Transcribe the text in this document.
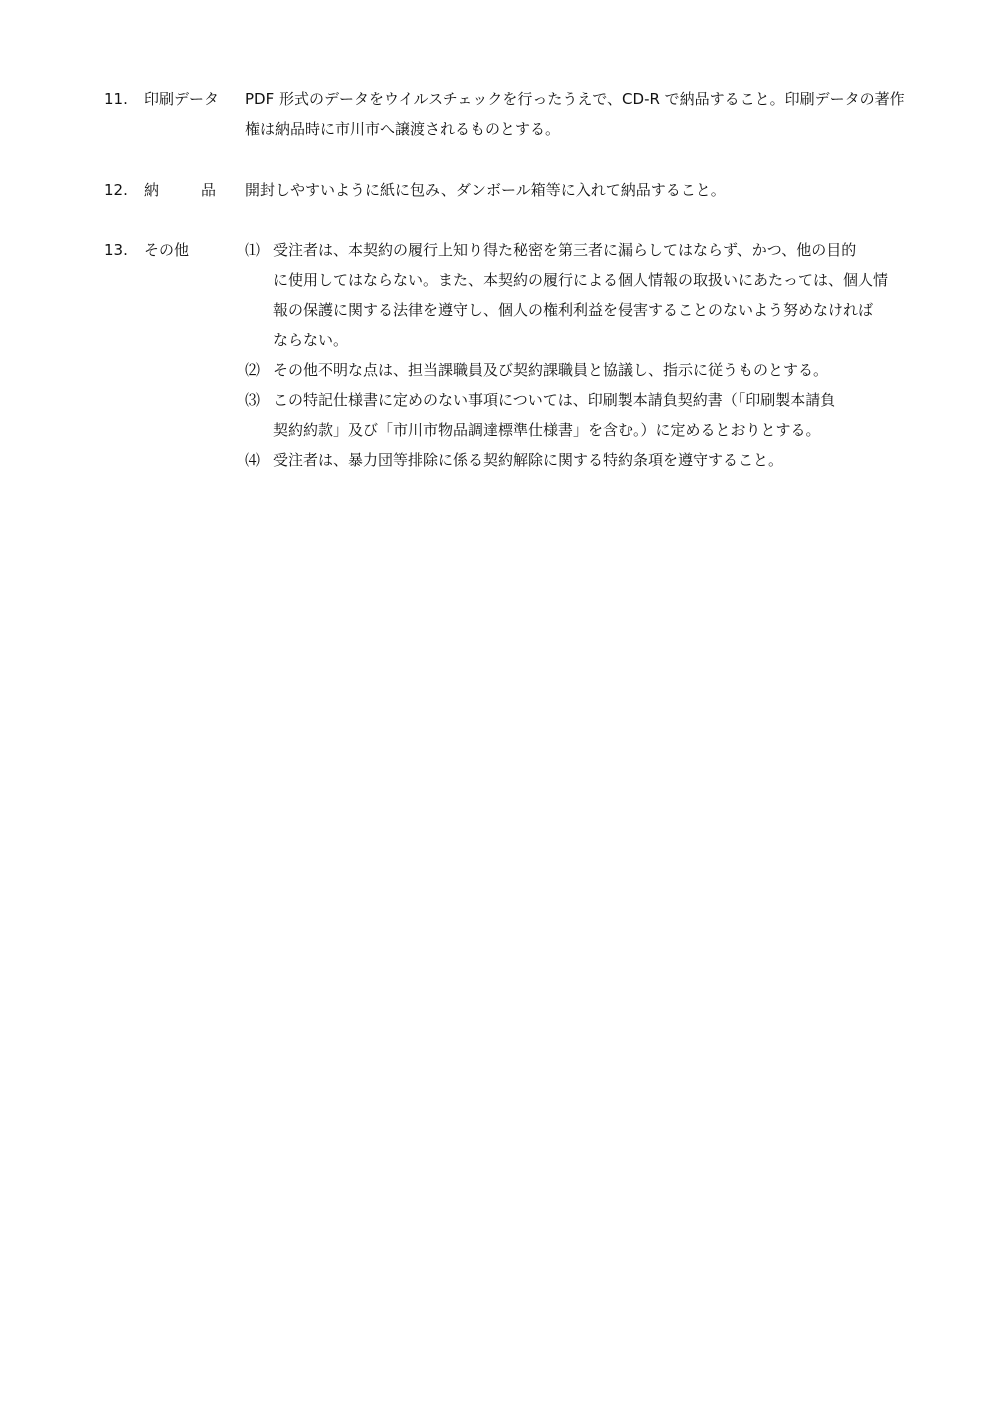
11. 印刷データ PDF 形式のデータをウイルスチェックを行ったうえで、CD-R で納品すること。印刷データの著作
権は納品時に市川市へ譲渡されるものとする。
12. 納	品 開封しやすいように紙に包み、ダンボール箱等に入れて納品すること。
13. その他	⑴ 受注者は、本契約の履行上知り得た秘密を第三者に漏らしてはならず、かつ、他の目的
に使用してはならない。また、本契約の履行による個人情報の取扱いにあたっては、個人情
報の保護に関する法律を遵守し、個人の権利利益を侵害することのないよう努めなければ
ならない。
⑵ その他不明な点は、担当課職員及び契約課職員と協議し、指示に従うものとする。
⑶ この特記仕様書に定めのない事項については、印刷製本請負契約書（「印刷製本請負
契約約款」及び「市川市物品調達標準仕様書」を含む。）に定めるとおりとする。
⑷ 受注者は、暴力団等排除に係る契約解除に関する特約条項を遵守すること。
